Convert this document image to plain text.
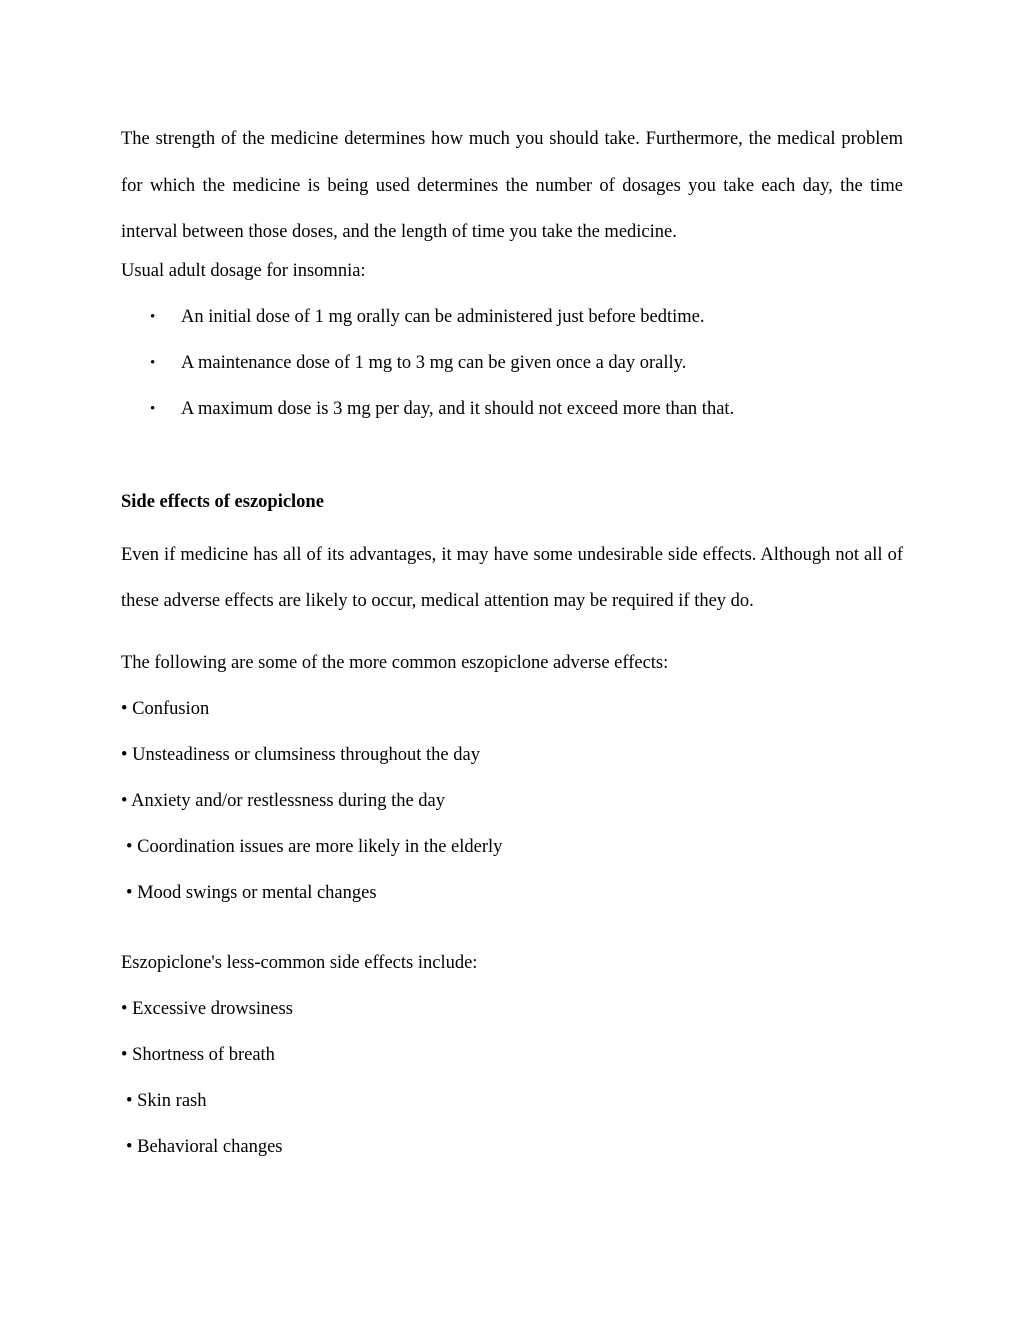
The strength of the medicine determines how much you should take. Furthermore, the medical problem for which the medicine is being used determines the number of dosages you take each day, the time interval between those doses, and the length of time you take the medicine.

Usual adult dosage for insomnia:

• An initial dose of 1 mg orally can be administered just before bedtime.

• A maintenance dose of 1 mg to 3 mg can be given once a day orally.

• A maximum dose is 3 mg per day, and it should not exceed more than that.

Side effects of eszopiclone

Even if medicine has all of its advantages, it may have some undesirable side effects. Although not all of these adverse effects are likely to occur, medical attention may be required if they do.

The following are some of the more common eszopiclone adverse effects:

• Confusion

• Unsteadiness or clumsiness throughout the day

• Anxiety and/or restlessness during the day

• Coordination issues are more likely in the elderly

• Mood swings or mental changes

Eszopiclone's less-common side effects include:

• Excessive drowsiness

• Shortness of breath

• Skin rash

• Behavioral changes
